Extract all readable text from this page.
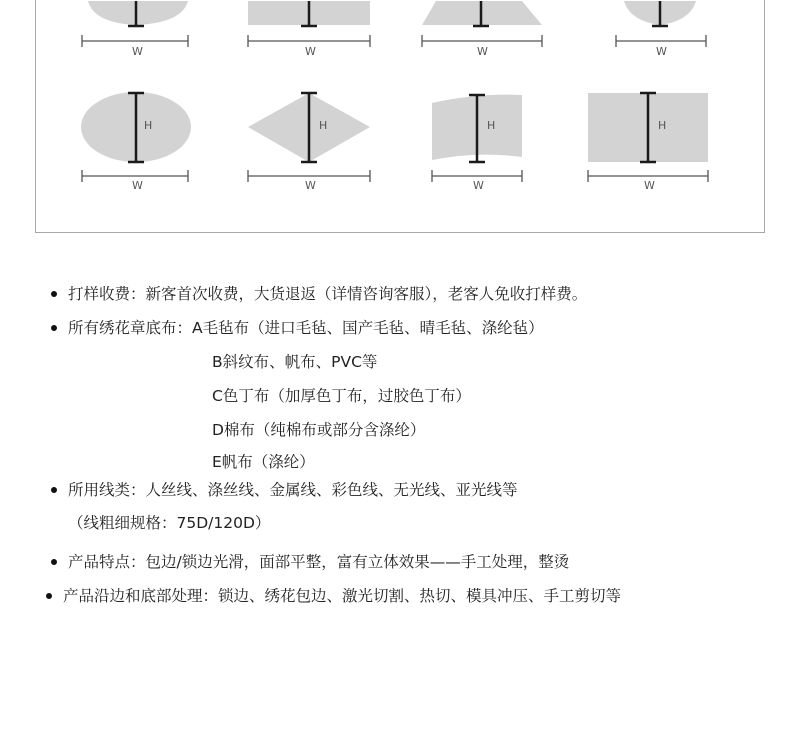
W	W	W	W
H
W
H
W
H
W
H
W
打样收费：新客首次收费，大货退返（详情咨询客服），老客人免收打样费。
所有绣花章底布：A毛毡布（进口毛毡、国产毛毡、晴毛毡、涤纶毡）
B斜纹布、帆布、PVC等
C色丁布（加厚色丁布，过胶色丁布）
D棉布（纯棉布或部分含涤纶）
E帆布（涤纶）
所用线类：人丝线、涤丝线、金属线、彩色线、无光线、亚光线等
（线粗细规格：75D/120D）
产品特点：包边/锁边光滑，面部平整，富有立体效果——手工处理，整烫
产品沿边和底部处理：锁边、绣花包边、激光切割、热切、模具冲压、手工剪切等
